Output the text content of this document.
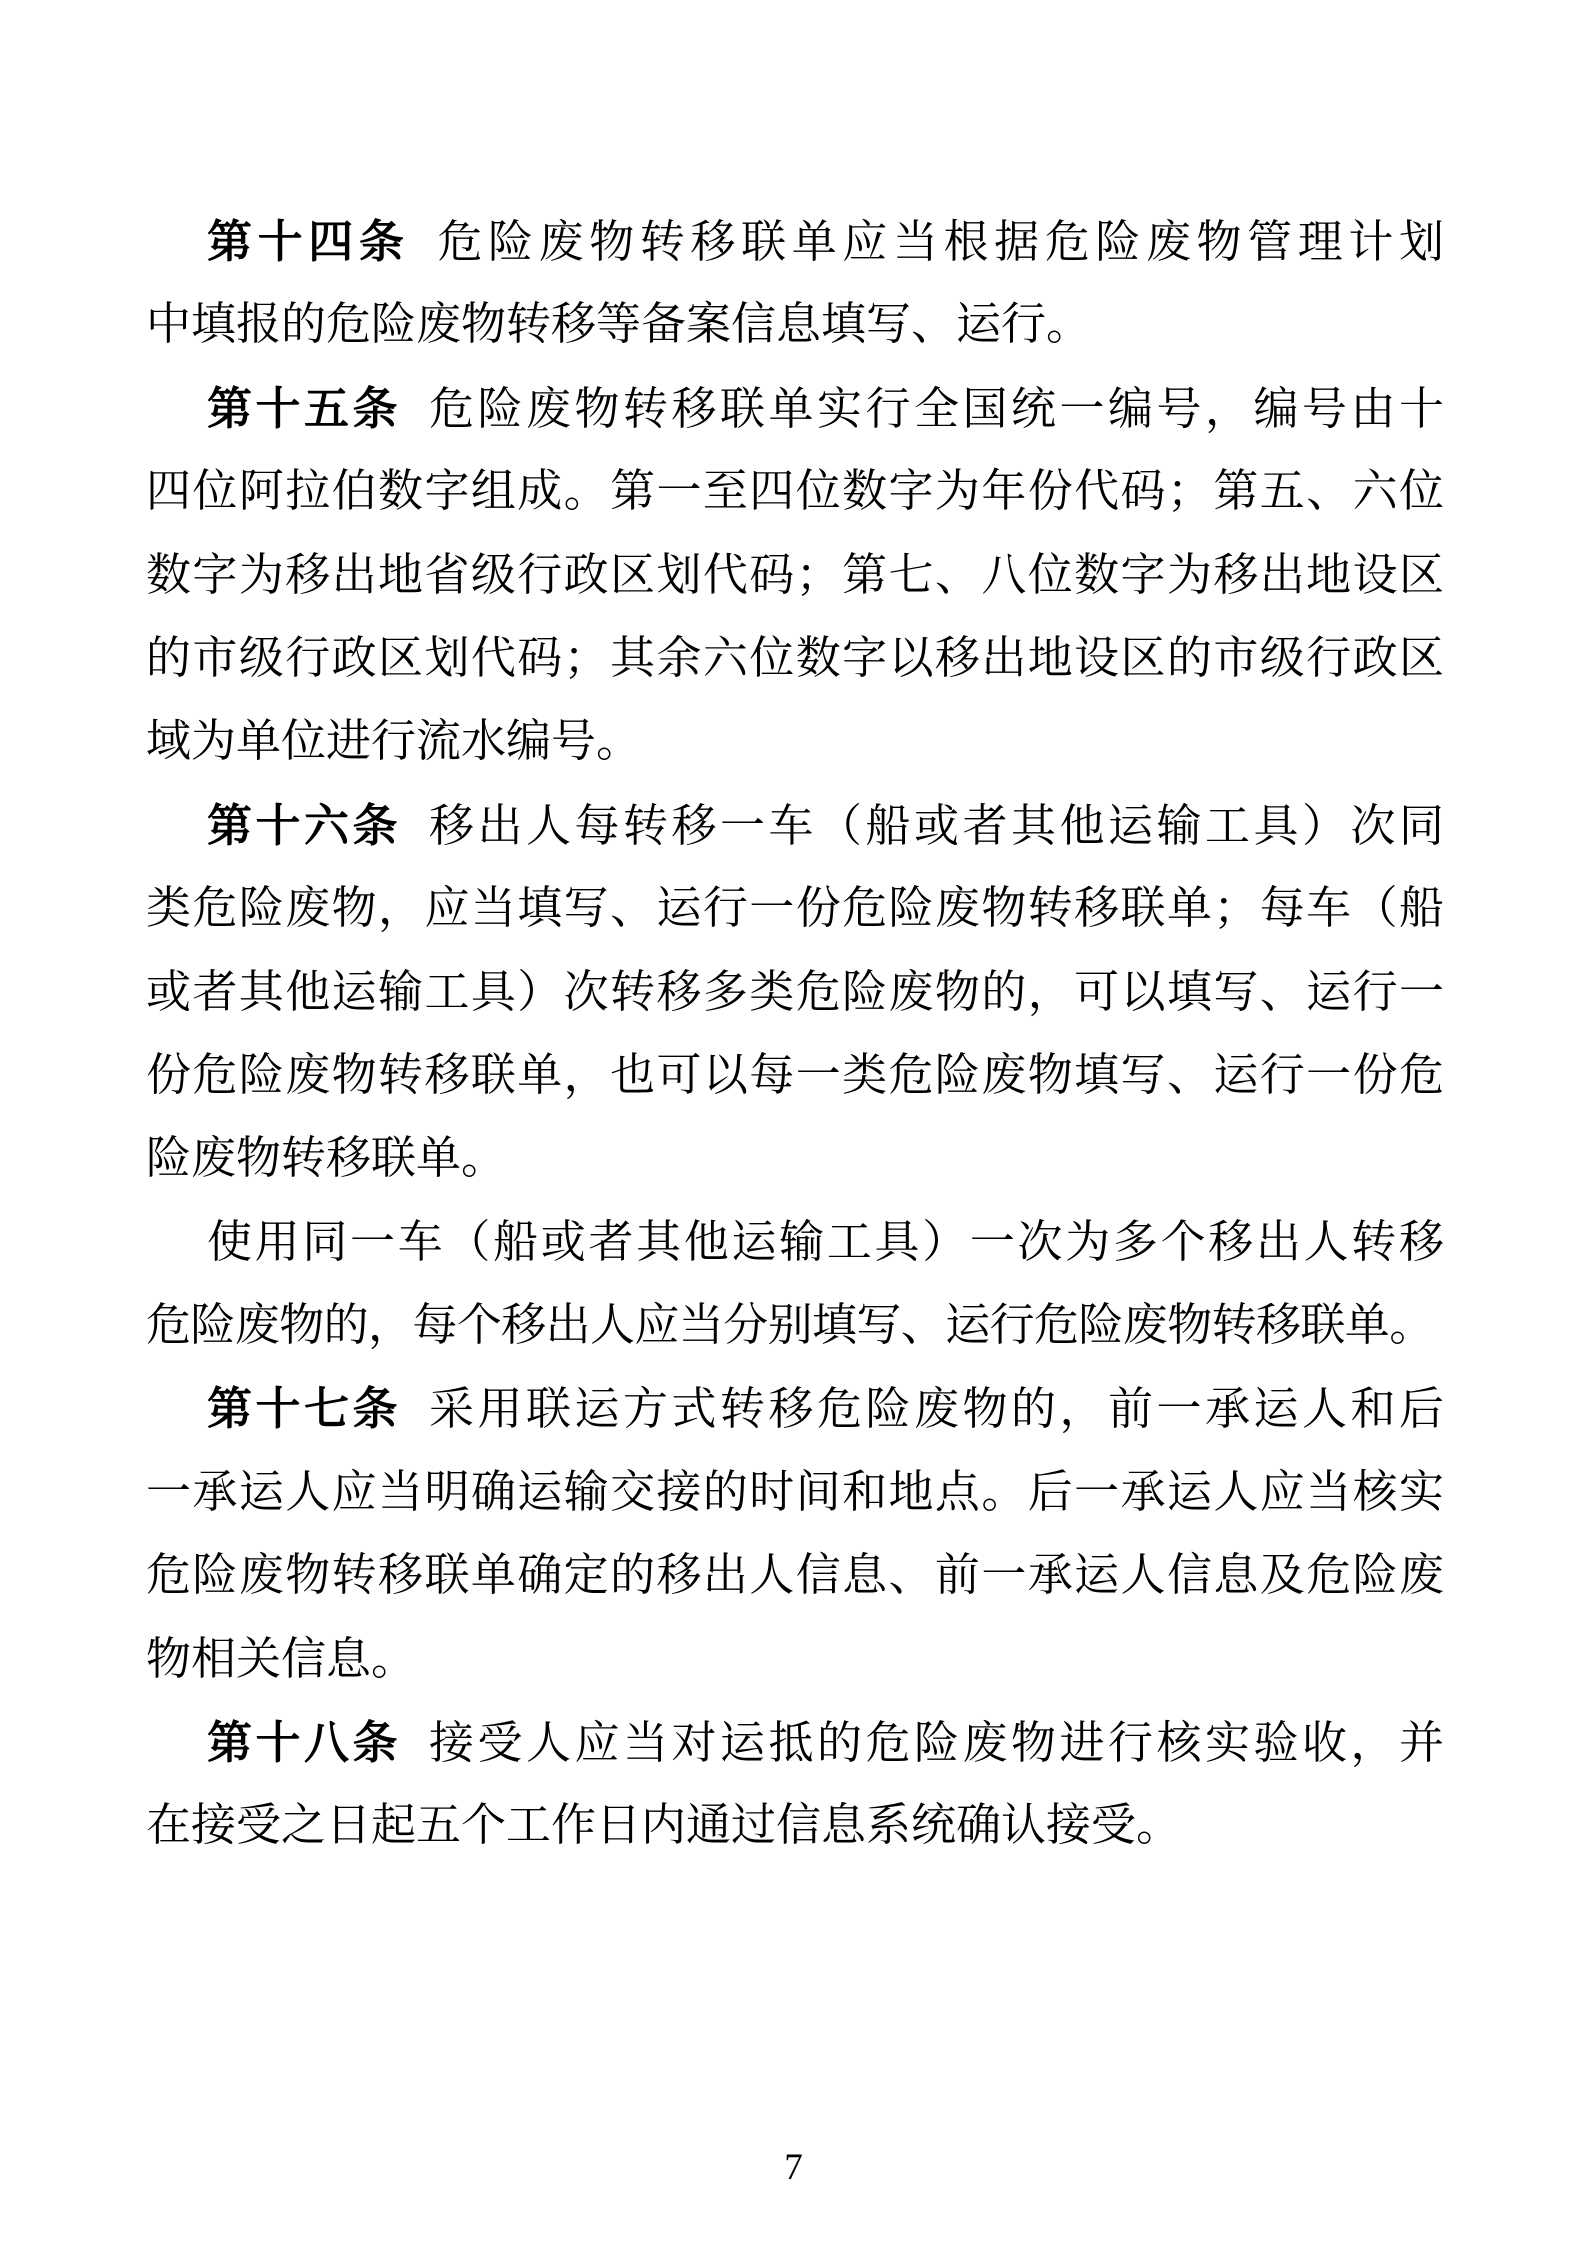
第十四条 危险废物转移联单应当根据危险废物管理计划
中填报的危险废物转移等备案信息填写、运行。
第十五条 危险废物转移联单实行全国统一编号，编号由十
四位阿拉伯数字组成。第一至四位数字为年份代码；第五、六位
数字为移出地省级行政区划代码；第七、八位数字为移出地设区
的市级行政区划代码；其余六位数字以移出地设区的市级行政区
域为单位进行流水编号。
第十六条 移出人每转移一车（船或者其他运输工具）次同
类危险废物，应当填写、运行一份危险废物转移联单；每车（船
或者其他运输工具）次转移多类危险废物的，可以填写、运行一
份危险废物转移联单，也可以每一类危险废物填写、运行一份危
险废物转移联单。
使用同一车（船或者其他运输工具）一次为多个移出人转移
危险废物的，每个移出人应当分别填写、运行危险废物转移联单。
第十七条 采用联运方式转移危险废物的，前一承运人和后
一承运人应当明确运输交接的时间和地点。后一承运人应当核实
危险废物转移联单确定的移出人信息、前一承运人信息及危险废
物相关信息。
第十八条 接受人应当对运抵的危险废物进行核实验收，并
在接受之日起五个工作日内通过信息系统确认接受。
7
